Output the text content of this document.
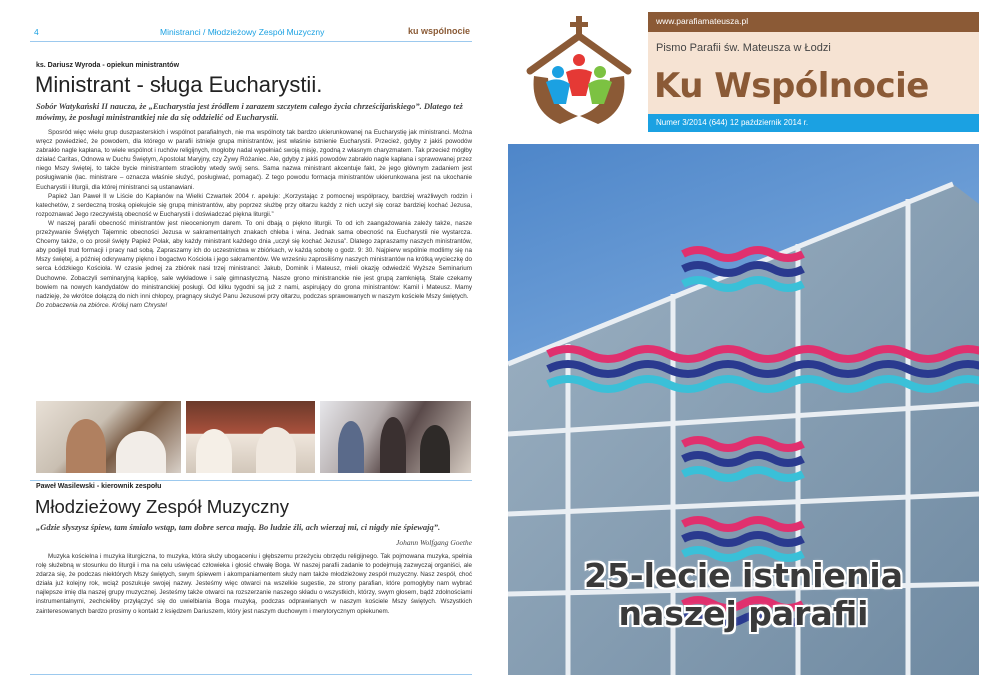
4	Ministranci / Młodzieżowy Zespół Muzyczny	ku wspólnocie
ks. Dariusz Wyroda - opiekun ministrantów
Ministrant - sługa Eucharystii.
Sobór Watykański II naucza, że „Eucharystia jest źródłem i zarazem szczytem całego życia chrześcijańskiego”. Dlatego też mówimy, że posługi ministrantkiej nie da się oddzielić od Eucharystii.

Sposród więc wielu grup duszpasterskich i wspólnot parafialnych, nie ma wspólnoty tak bardzo ukierunkowanej na Eucharystię jak ministranci. Można wręcz powiedzieć, że powodem, dla którego w parafii istnieje grupa ministrantów, jest właśnie istnienie Eucharystii. Przecież, gdyby z jakiś powodów zabrakło nagle kapłana, to wiele wspólnot i ruchów religijnych, mogłoby nadal wypełniać swoją misję, zgodną z własnym charyzmatem. Tak przecież mógłby działać Caritas, Odnowa w Duchu Świętym, Apostolat Maryjny, czy Żywy Różaniec. Ale, gdyby z jakiś powodów zabrakło nagle kapłana i sprawowanej przez niego Mszy świętej, to także bycie ministrantem straciłoby wtedy swój sens. Sama nazwa ministrant akcentuje fakt, że jego głównym zadaniem jest posługiwanie (łac. ministrare – oznacza właśnie służyć, posługiwać, pomagać). Z tego powodu formacja ministrantów ukierunkowana jest na ukochanie Eucharystii i liturgii, dla której ministranci są ustanawiani.

Papież Jan Paweł II w Liście do Kapłanów na Wielki Czwartek 2004 r. apeluje: „Korzystając z pomocnej współpracy, bardziej wrażliwych rodzin i katechetów, z serdeczną troską opiekujcie się grupą ministrantów, aby poprzez służbę przy ołtarzu każdy z nich uczył się coraz bardziej kochać Jezusa, rozpoznawać Jego rzeczywistą obecność w Eucharystii i doświadczać piękna liturgii.”

W naszej parafii obecność ministrantów jest nieocenionym darem. To oni dbają o piękno liturgii. To od ich zaangażowania zależy także, nasze przeżywanie Świętych Tajemnic obecności Jezusa w sakramentalnych znakach chleba i wina. Jednak sama obecność na Eucharystii nie wystarcza. Chcemy także, o co prosił święty Papież Polak, aby każdy ministrant każdego dnia „uczył się kochać Jezusa”. Dlatego zapraszamy naszych ministrantów, aby podjęli trud formacji i pracy nad sobą. Zapraszamy ich do uczestnictwa w zbiórkach, w każdą sobotę o godz. 9: 30. Najpierw wspólnie modlimy się na Mszy świętej, a później odkrywamy piękno i bogactwo Kościoła i jego sakramentów. We wrześniu zaprosiliśmy naszych ministrantów na krótką wycieczkę do serca Łódzkiego Kościoła. W czasie jednej za zbiórek nasi trzej ministranci: Jakub, Dominik i Mateusz, mieli okazję odwiedzić Wyższe Seminarium Duchowne. Zobaczyli seminaryjną kaplicę, sale wykładowe i salę gimnastyczną. Nasze grono ministranckie nie jest grupą zamkniętą. Stale czekamy bowiem na nowych kandydatów do ministranckiej posługi. Od kilku tygodni są już z nami, aspirujący do grona ministrantów: Kamil i Mateusz. Mamy nadzieję, że wkrótce dołączą do nich inni chłopcy, pragnący służyć Panu Jezusowi przy ołtarzu, podczas sprawowanych w naszym kościele Mszy świętych.

Do zobaczenia na zbiórce. Króluj nam Chryste!

Paweł Wasilewski - kierownik zespołu
Młodzieżowy Zespół Muzyczny
„Gdzie słyszysz śpiew, tam śmiało wstąp, tam dobre serca mają. Bo ludzie źli, ach wierzaj mi, ci nigdy nie śpiewają”.
Johann Wolfgang Goethe

Muzyka kościelna i muzyka liturgiczna, to muzyka, która służy ubogaceniu i głębszemu przeżyciu obrzędu religijnego. Tak pojmowana muzyka, spełnia rolę służebną w stosunku do liturgii i ma na celu uświęcać człowieka i głosić chwałę Boga. W naszej parafii zadanie to podejmują zazwyczaj organiści, ale zdarza się, że podczas niektórych Mszy świętych, swym śpiewem i akompaniamentem służy nam także młodzieżowy zespół muzyczny. Nasz zespół, choć działa już kolejny rok, wciąż poszukuje swojej nazwy. Jesteśmy więc otwarci na wszelkie sugestie, ze strony parafian, które pomogłyby nam wybrać najlepsze imię dla naszej grupy muzycznej. Jesteśmy także otwarci na rozszerzanie naszego składu o wszystkich, którzy, swym głosem, bądź zdolnościami instrumentalnymi, zechcieliby przyłączyć się do uwielbiania Boga muzyką, podczas odprawianych w naszym kościele Mszy świętych. Wszystkich zainteresowanych bardzo prosimy o kontakt z księdzem Dariuszem, który jest naszym duchowym i merytorycznym opiekunem.

www.parafiamateusza.pl
Pismo Parafii św. Mateusza w Łodzi
Ku Wspólnocie
Numer 3/2014 (644) 12 październik 2014 r.
25-lecie istnienia
naszej parafii
